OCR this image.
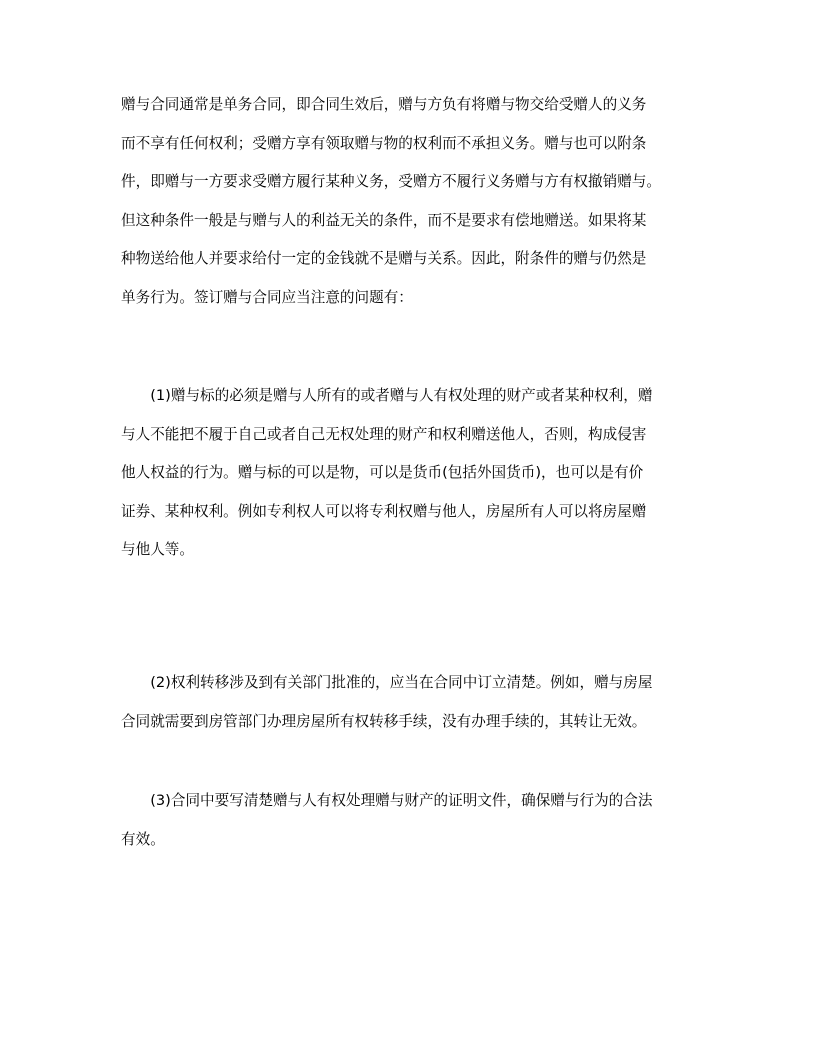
赠与合同通常是单务合同，即合同生效后，赠与方负有将赠与物交给受赠人的义务
而不享有任何权利；受赠方享有领取赠与物的权利而不承担义务。赠与也可以附条
件，即赠与一方要求受赠方履行某种义务，受赠方不履行义务赠与方有权撤销赠与。
但这种条件一般是与赠与人的利益无关的条件，而不是要求有偿地赠送。如果将某
种物送给他人并要求给付一定的金钱就不是赠与关系。因此，附条件的赠与仍然是
单务行为。签订赠与合同应当注意的问题有：
　　(1)赠与标的必须是赠与人所有的或者赠与人有权处理的财产或者某种权利，赠
与人不能把不履于自己或者自己无权处理的财产和权利赠送他人，否则，构成侵害
他人权益的行为。赠与标的可以是物，可以是货币(包括外国货币)，也可以是有价
证券、某种权利。例如专利权人可以将专利权赠与他人，房屋所有人可以将房屋赠
与他人等。
　　(2)权利转移涉及到有关部门批准的，应当在合同中订立清楚。例如，赠与房屋
合同就需要到房管部门办理房屋所有权转移手续，没有办理手续的，其转让无效。
　　(3)合同中要写清楚赠与人有权处理赠与财产的证明文件，确保赠与行为的合法
有效。
